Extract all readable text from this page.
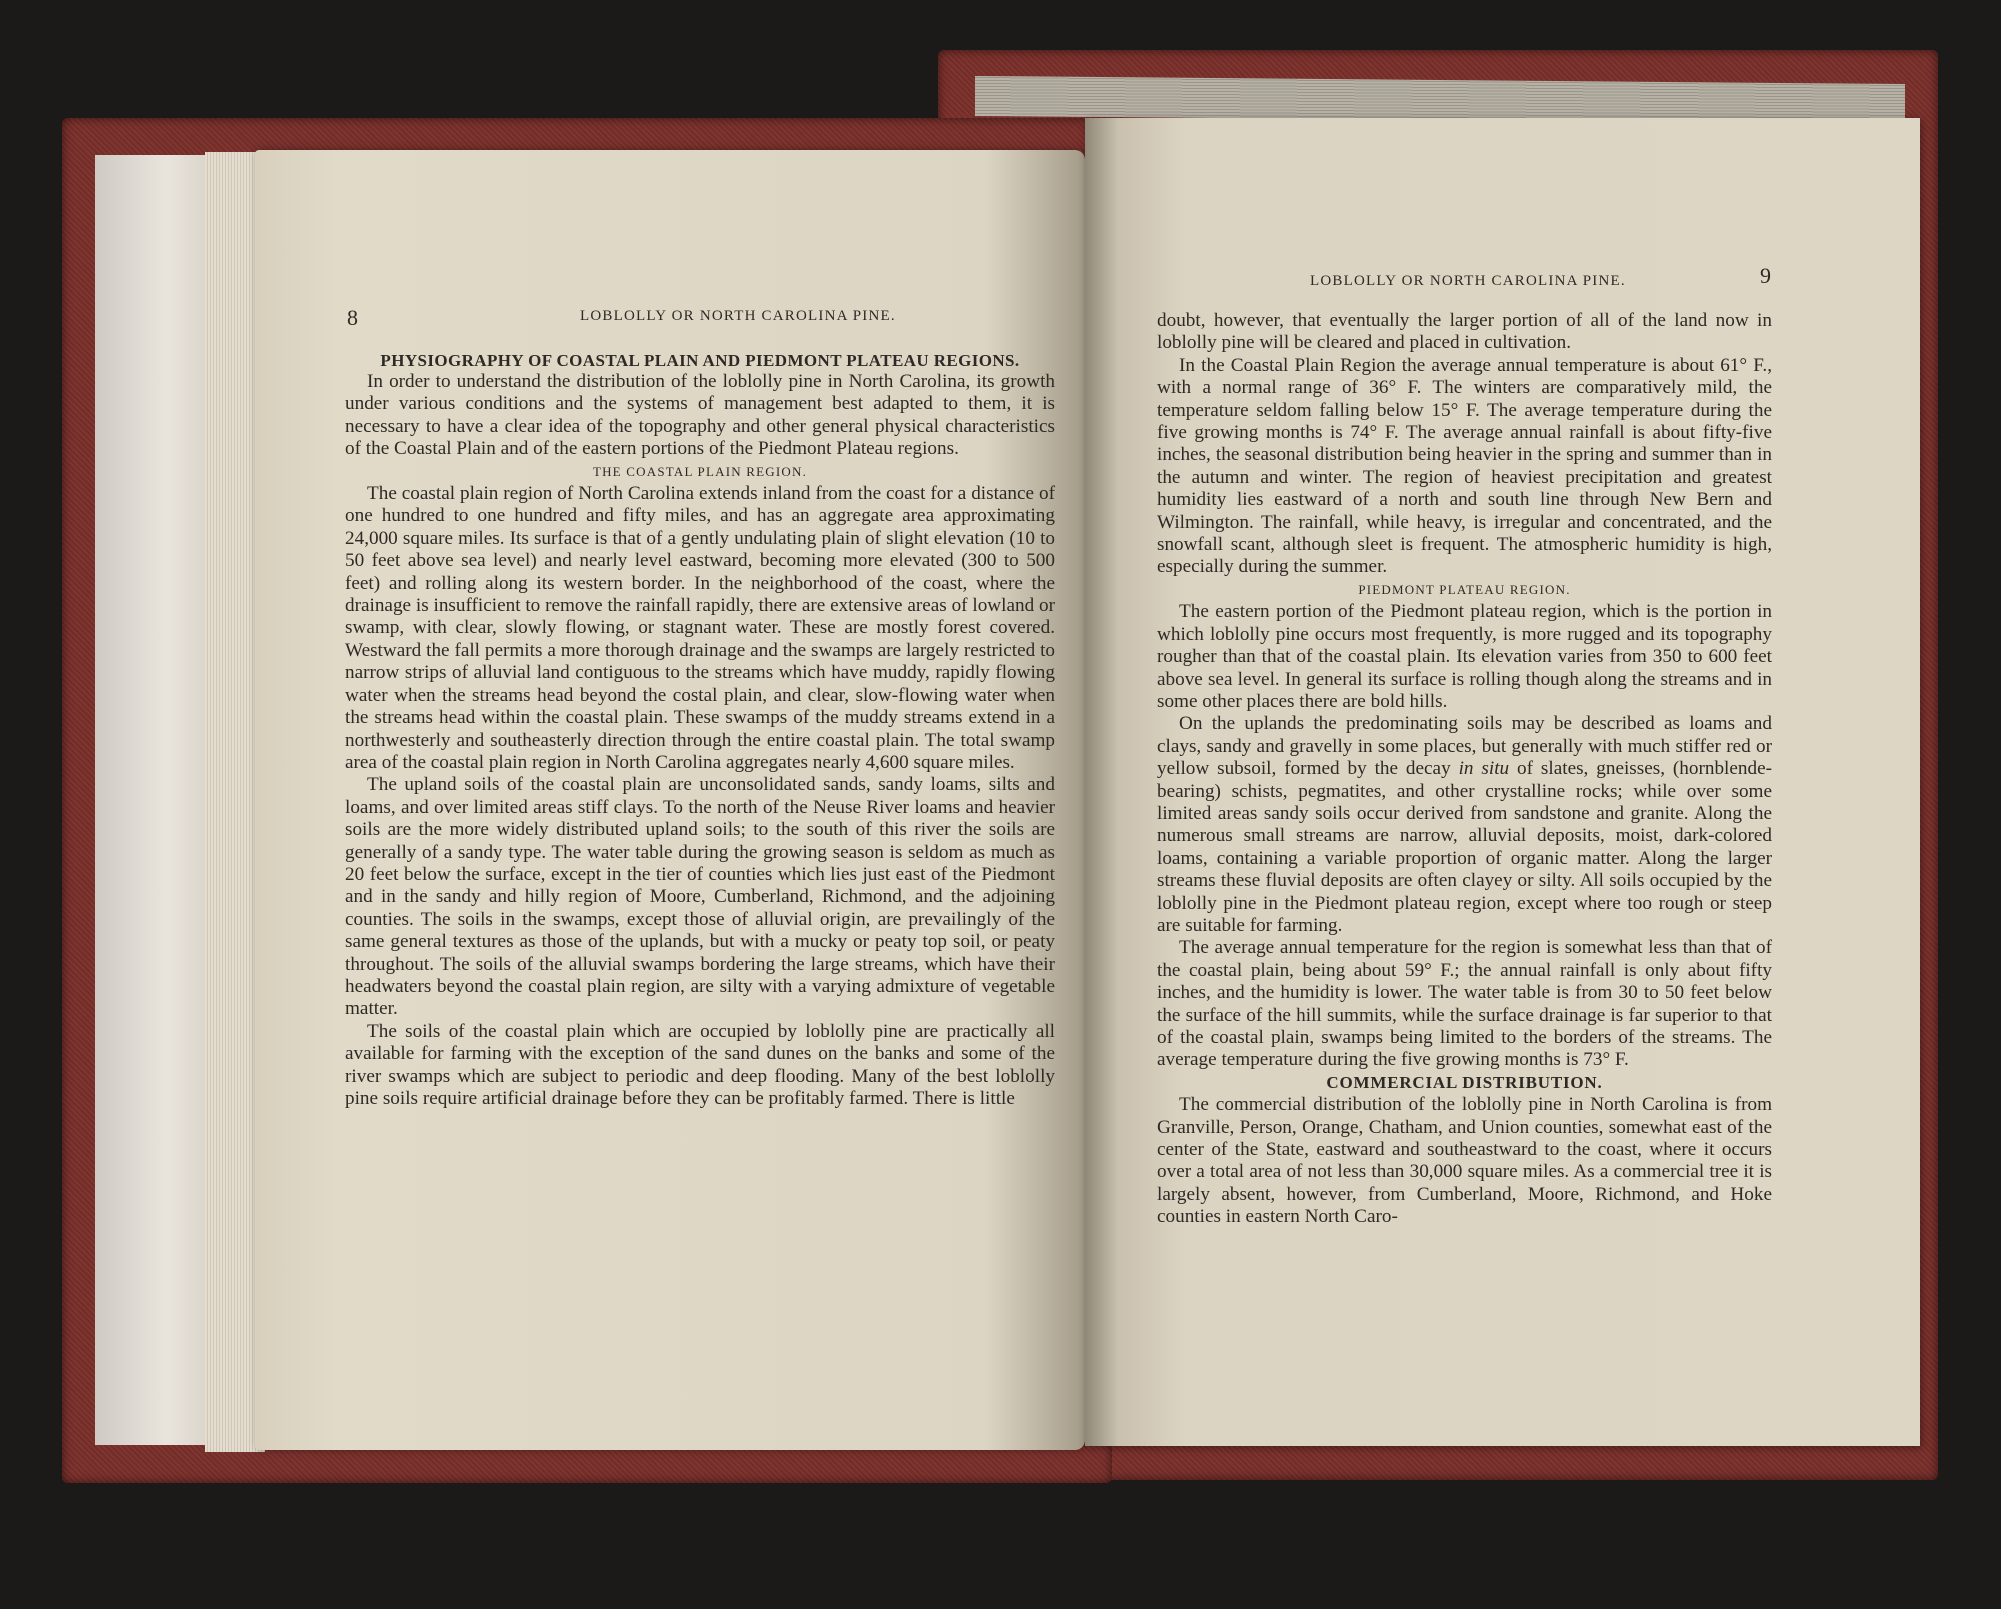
8	LOBLOLLY OR NORTH CAROLINA PINE.

PHYSIOGRAPHY OF COASTAL PLAIN AND PIEDMONT PLATEAU REGIONS.

In order to understand the distribution of the loblolly pine in North Carolina, its growth under various conditions and the systems of management best adapted to them, it is necessary to have a clear idea of the topography and other general physical characteristics of the Coastal Plain and of the eastern portions of the Piedmont Plateau regions.

THE COASTAL PLAIN REGION.

The coastal plain region of North Carolina extends inland from the coast for a distance of one hundred to one hundred and fifty miles, and has an aggregate area approximating 24,000 square miles. Its surface is that of a gently undulating plain of slight elevation (10 to 50 feet above sea level) and nearly level eastward, becoming more elevated (300 to 500 feet) and rolling along its western border. In the neighborhood of the coast, where the drainage is insufficient to remove the rainfall rapidly, there are extensive areas of lowland or swamp, with clear, slowly flowing, or stagnant water. These are mostly forest covered. Westward the fall permits a more thorough drainage and the swamps are largely restricted to narrow strips of alluvial land contiguous to the streams which have muddy, rapidly flowing water when the streams head beyond the costal plain, and clear, slow-flowing water when the streams head within the coastal plain. These swamps of the muddy streams extend in a northwesterly and southeasterly direction through the entire coastal plain. The total swamp area of the coastal plain region in North Carolina aggregates nearly 4,600 square miles.

The upland soils of the coastal plain are unconsolidated sands, sandy loams, silts and loams, and over limited areas stiff clays. To the north of the Neuse River loams and heavier soils are the more widely distributed upland soils; to the south of this river the soils are generally of a sandy type. The water table during the growing season is seldom as much as 20 feet below the surface, except in the tier of counties which lies just east of the Piedmont and in the sandy and hilly region of Moore, Cumberland, Richmond, and the adjoining counties. The soils in the swamps, except those of alluvial origin, are prevailingly of the same general textures as those of the uplands, but with a mucky or peaty top soil, or peaty throughout. The soils of the alluvial swamps bordering the large streams, which have their headwaters beyond the coastal plain region, are silty with a varying admixture of vegetable matter.

The soils of the coastal plain which are occupied by loblolly pine are practically all available for farming with the exception of the sand dunes on the banks and some of the river swamps which are subject to periodic and deep flooding. Many of the best loblolly pine soils require artificial drainage before they can be profitably farmed. There is little

LOBLOLLY OR NORTH CAROLINA PINE.	9

doubt, however, that eventually the larger portion of all of the land now in loblolly pine will be cleared and placed in cultivation.

In the Coastal Plain Region the average annual temperature is about 61° F., with a normal range of 36° F. The winters are comparatively mild, the temperature seldom falling below 15° F. The average temperature during the five growing months is 74° F. The average annual rainfall is about fifty-five inches, the seasonal distribution being heavier in the spring and summer than in the autumn and winter. The region of heaviest precipitation and greatest humidity lies eastward of a north and south line through New Bern and Wilmington. The rainfall, while heavy, is irregular and concentrated, and the snowfall scant, although sleet is frequent. The atmospheric humidity is high, especially during the summer.

PIEDMONT PLATEAU REGION.

The eastern portion of the Piedmont plateau region, which is the portion in which loblolly pine occurs most frequently, is more rugged and its topography rougher than that of the coastal plain. Its elevation varies from 350 to 600 feet above sea level. In general its surface is rolling though along the streams and in some other places there are bold hills.

On the uplands the predominating soils may be described as loams and clays, sandy and gravelly in some places, but generally with much stiffer red or yellow subsoil, formed by the decay in situ of slates, gneisses, (hornblende-bearing) schists, pegmatites, and other crystalline rocks; while over some limited areas sandy soils occur derived from sandstone and granite. Along the numerous small streams are narrow, alluvial deposits, moist, dark-colored loams, containing a variable proportion of organic matter. Along the larger streams these fluvial deposits are often clayey or silty. All soils occupied by the loblolly pine in the Piedmont plateau region, except where too rough or steep are suitable for farming.

The average annual temperature for the region is somewhat less than that of the coastal plain, being about 59° F.; the annual rainfall is only about fifty inches, and the humidity is lower. The water table is from 30 to 50 feet below the surface of the hill summits, while the surface drainage is far superior to that of the coastal plain, swamps being limited to the borders of the streams. The average temperature during the five growing months is 73° F.

COMMERCIAL DISTRIBUTION.

The commercial distribution of the loblolly pine in North Carolina is from Granville, Person, Orange, Chatham, and Union counties, somewhat east of the center of the State, eastward and southeastward to the coast, where it occurs over a total area of not less than 30,000 square miles. As a commercial tree it is largely absent, however, from Cumberland, Moore, Richmond, and Hoke counties in eastern North Caro-
